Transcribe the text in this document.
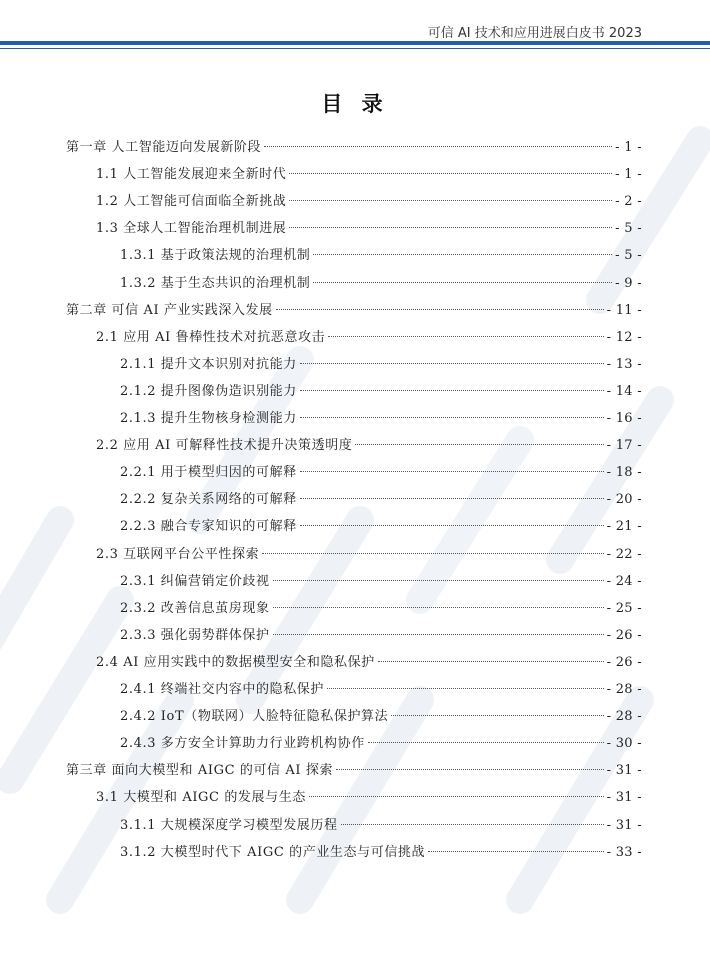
可信 AI 技术和应用进展白皮书 2023
目 录
第一章 人工智能迈向发展新阶段	- 1 -
1.1 人工智能发展迎来全新时代	- 1 -
1.2 人工智能可信面临全新挑战	- 2 -
1.3 全球人工智能治理机制进展	- 5 -
1.3.1 基于政策法规的治理机制	- 5 -
1.3.2 基于生态共识的治理机制	- 9 -
第二章 可信 AI 产业实践深入发展	- 11 -
2.1 应用 AI 鲁棒性技术对抗恶意攻击	- 12 -
2.1.1 提升文本识别对抗能力	- 13 -
2.1.2 提升图像伪造识别能力	- 14 -
2.1.3 提升生物核身检测能力	- 16 -
2.2 应用 AI 可解释性技术提升决策透明度	- 17 -
2.2.1 用于模型归因的可解释	- 18 -
2.2.2 复杂关系网络的可解释	- 20 -
2.2.3 融合专家知识的可解释	- 21 -
2.3 互联网平台公平性探索	- 22 -
2.3.1 纠偏营销定价歧视	- 24 -
2.3.2 改善信息茧房现象	- 25 -
2.3.3 强化弱势群体保护	- 26 -
2.4 AI 应用实践中的数据模型安全和隐私保护	- 26 -
2.4.1 终端社交内容中的隐私保护	- 28 -
2.4.2 IoT（物联网）人脸特征隐私保护算法	- 28 -
2.4.3 多方安全计算助力行业跨机构协作	- 30 -
第三章 面向大模型和 AIGC 的可信 AI 探索	- 31 -
3.1 大模型和 AIGC 的发展与生态	- 31 -
3.1.1 大规模深度学习模型发展历程	- 31 -
3.1.2 大模型时代下 AIGC 的产业生态与可信挑战	- 33 -
